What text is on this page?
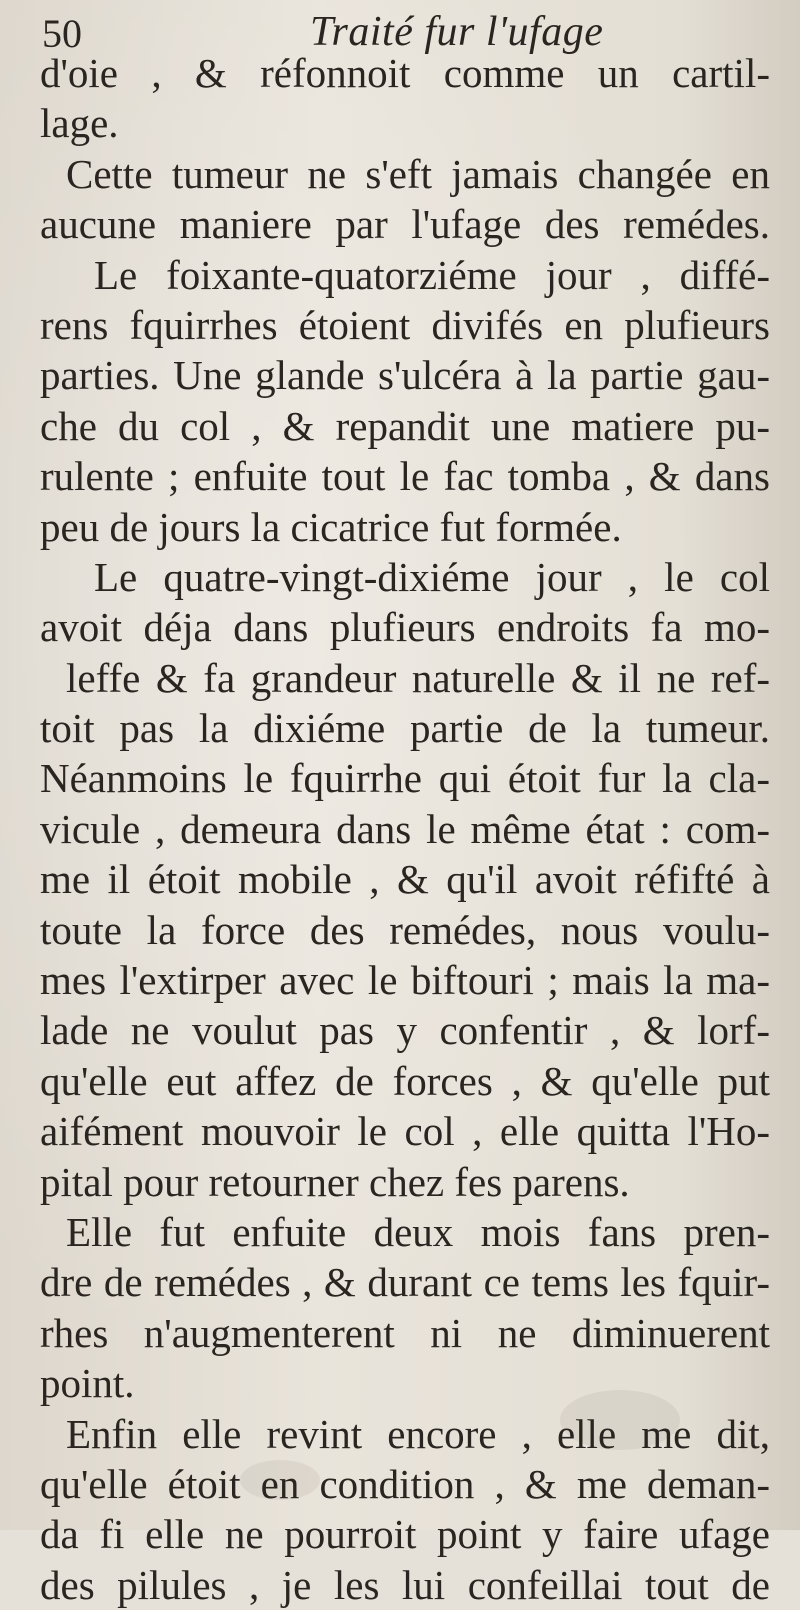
50	Traité fur l'ufage
d'oie , & réfonnoit comme un cartil-
lage.
Cette tumeur ne s'eft jamais changée en
aucune maniere par l'ufage des remédes.
Le foixante-quatorziéme jour , diffé-
rens fquirrhes étoient divifés en plufieurs
parties. Une glande s'ulcéra à la partie gau-
che du col , & repandit une matiere pu-
rulente ; enfuite tout le fac tomba , & dans
peu de jours la cicatrice fut formée.
Le quatre-vingt-dixiéme jour , le col
avoit déja dans plufieurs endroits fa mo-
leffe & fa grandeur naturelle & il ne ref-
toit pas la dixiéme partie de la tumeur.
Néanmoins le fquirrhe qui étoit fur la cla-
vicule , demeura dans le même état : com-
me il étoit mobile , & qu'il avoit réfifté à
toute la force des remédes, nous voulu-
mes l'extirper avec le biftouri ; mais la ma-
lade ne voulut pas y confentir , & lorf-
qu'elle eut affez de forces , & qu'elle put
aifément mouvoir le col , elle quitta l'Ho-
pital pour retourner chez fes parens.
Elle fut enfuite deux mois fans pren-
dre de remédes , & durant ce tems les fquir-
rhes n'augmenterent ni ne diminuerent
point.
Enfin elle revint encore , elle me dit,
qu'elle étoit en condition , & me deman-
da fi elle ne pourroit point y faire ufage
des pilules , je les lui confeillai tout de
